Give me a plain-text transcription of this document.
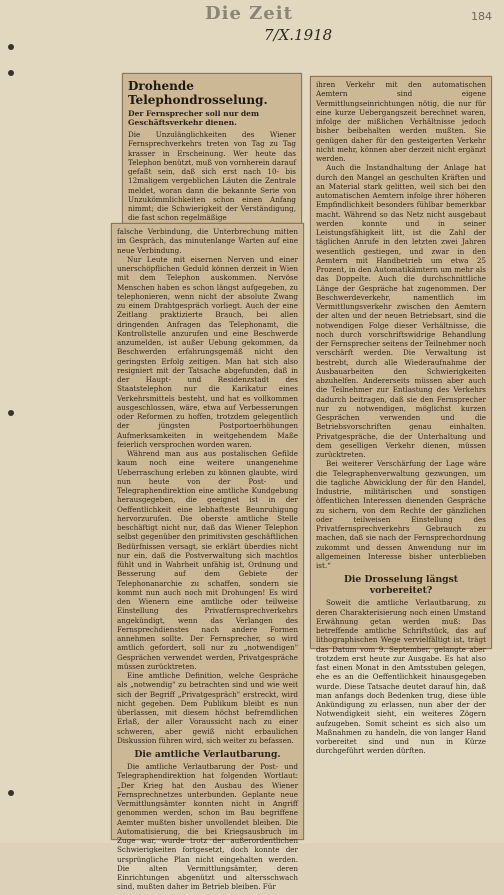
Die Zeit
7/X.1918
184
Drohende Telephondrosselung.
Der Fernsprecher soll nur dem Geschäftsverkehr dienen.

Die Unzulänglichkeiten des Wiener Fernsprechverkehrs treten von Tag zu Tag krasser in Erscheinung. Wer heute das Telephon benützt, muß von vornherein darauf gefaßt sein, daß sich erst nach 10- bis 12maligem vergeblichen Läuten die Zentrale meldet, woran dann die bekannte Serie von Unzukömmlichkeiten schon einen Anfang nimmt; die Schwierigkeit der Verständigung, die fast schon regelmäßige

falsche Verbindung, die Unterbrechung mitten im Gespräch, das minutenlange Warten auf eine neue Verbindung.

Nur Leute mit eisernen Nerven und einer unerschöpflichen Geduld können derzeit in Wien mit dem Telephon auskommen. Nervöse Menschen haben es schon längst aufgegeben, zu telephonieren, wenn nicht der absolute Zwang zu einem Drahtgespräch vorliegt. Auch der eine Zeitlang praktizierte Brauch, bei allen dringenden Anfragen das Telephonamt, die Kontrollstelle anzurufen und eine Beschwerde anzumelden, ist außer Uebung gekommen, da Beschwerden erfahrungsgemäß nicht den geringsten Erfolg zeitigen. Man hat sich also resigniert mit der Tatsache abgefunden, daß in der Haupt- und Residenzstadt des Staatstelephon nur die Karikatur eines Verkehrsmittels besteht, und hat es vollkommen ausgeschlossen, wäre, etwa auf Verbesserungen oder Reformen zu hoffen, trotzdem gelegentlich der jüngsten Postportoerhöhungen Aufmerksamkeiten in weitgehendem Maße feierlich versprochen worden waren.

Während man aus aus postalischen Gefilde kaum noch eine weitere unangenehme Ueberraschung erleben zu können glaubte, wird nun heute von der Post- und Telegraphendirektion eine amtliche Kundgebung herausgegeben, die geeignet ist in der Oeffentlichkeit eine lebhafteste Beunruhigung hervorzurufen. Die oberste amtliche Stelle beschäftigt nicht nur, daß das Wiener Telephon selbst gegenüber den primitivsten geschäftlichen Bedürfnissen versagt, sie erklärt überdies nicht nur ein, daß die Postverwaltung sich machtlos fühlt und in Wahrheit unfähig ist, Ordnung und Besserung auf dem Gebiete der Telephonanarchie zu schaffen, sondern sie kommt nun auch noch mit Drohungen! Es wird den Wienern eine amtliche oder teilweise Einstellung des Privatfernsprechverkehrs angekündigt, wenn das Verlangen des Fernsprechdienstes nach andere Formen annehmen sollte. Der Fernsprecher, so wird amtlich gefordert, soll nur zu „notwendigen" Gesprächen verwendet werden, Privatgespräche müssen zurücktreten.

Eine amtliche Definition, welche Gespräche als „notwendig" zu betrachten sind und wie weit sich der Begriff „Privatgespräch" erstreckt, wird nicht gegeben. Dem Publikum bleibt es nun überlassen, mit diesem höchst befremdlichen Erlaß, der aller Voraussicht nach zu einer schweren, aber gewiß nicht erbaulichen Diskussion führen wird, sich weiter zu befassen.

Die amtliche Verlautbarung.

Die amtliche Verlautbarung der Post- und Telegraphendirektion hat folgenden Wortlaut: „Der Krieg hat den Ausbau des Wiener Fernsprechnetzes unterbunden. Geplante neue Vermittlungsämter konnten nicht in Angriff genommen werden, schon im Bau begriffene Aemter mußten bisher unvollendet bleiben. Die Automatisierung, die bei Kriegsausbruch im Zuge war, wurde trotz der außerordentlichen Schwierigkeiten fortgesetzt, doch konnte der ursprüngliche Plan nicht eingehalten werden. Die alten Vermittlungsämter, deren Einrichtungen abgenützt und altersschwach sind, mußten daher im Betrieb bleiben. Für

ihren Verkehr mit den automatischen Aemtern sind eigene Vermittlungseinrichtungen nötig, die nur für eine kurze Uebergangszeit berechnet waren, infolge der mißlichen Verhältnisse jedoch bisher beibehalten werden mußten. Sie genügen daher für den gesteigerten Verkehr nicht mehr, können aber derzeit nicht ergänzt werden.

Auch die Instandhaltung der Anlage hat durch den Mangel an geschulten Kräften und an Material stark gelitten, weil sich bei den automatischen Aemtern infolge ihrer höheren Empfindlichkeit besonders fühlbar bemerkbar macht. Während so das Netz nicht ausgebaut werden konnte und in seiner Leistungsfähigkeit litt, ist die Zahl der täglichen Anrufe in den letzten zwei Jahren wesentlich gestiegen, und zwar in den Aemtern mit Handbetrieb um etwa 25 Prozent, in den Automatikämtern um mehr als das Doppelte. Auch die durchschnittliche Länge der Gespräche hat zugenommen. Der Beschwerdeverkehr, namentlich im Vermittlungsverkehr zwischen den Aemtern der alten und der neuen Betriebsart, sind die notwendigen Folge dieser Verhältnisse, die noch durch vorschriftswidrige Behandlung der Fernsprecher seitens der Teilnehmer noch verschärft werden. Die Verwaltung ist bestrebt, durch alle Wiederaufnahme der Ausbauarbeiten den Schwierigkeiten abzuhelfen. Andererseits müssen aber auch die Teilnehmer zur Entlastung des Verkehrs dadurch beitragen, daß sie den Fernsprecher nur zu notwendigen, möglichst kurzen Gesprächen verwenden und die Betriebsvorschriften genau einhalten. Privatgespräche, die der Unterhaltung und dem geselligen Verkehr dienen, müssen zurücktreten.

Bei weiterer Verschärfung der Lage wäre die Telegraphenverwaltung gezwungen, um die tagliche Abwicklung der für den Handel, Industrie, militärischen und sonstigen öffentlichen Interessen dienenden Gespräche zu sichern, von dem Rechte der gänzlichen oder teilweisen Einstellung des Privatfernsprechverkehrs Gebrauch zu machen, daß sie nach der Fernsprechordnung zukommt und dessen Anwendung nur im allgemeinen Interesse bisher unterblieben ist.“

Die Drosselung längst vorbereitet?

Soweit die amtliche Verlautbarung, zu deren Charakterisierung noch einen Umstand Erwähnung getan werden muß: Das betreffende amtliche Schriftstück, das auf lithographischen Wege vervielfältigt ist, trägt das Datum vom 9. September, gelangte aber trotzdem erst heute zur Ausgabe. Es hat also fast einen Monat in den Amtsstuben gelegen, ehe es an die Oeffentlichkeit hinausgegeben wurde. Diese Tatsache deutet darauf hin, daß man anfangs doch Bedenken trug, diese üble Ankündigung zu erlassen, nun aber der der Notwendigkeit sieht, ein weiteres Zögern aufzugeben. Somit scheint es sich also um Maßnahmen zu handeln, die von langer Hand vorbereitet sind und nun in Kürze durchgeführt werden dürften.
